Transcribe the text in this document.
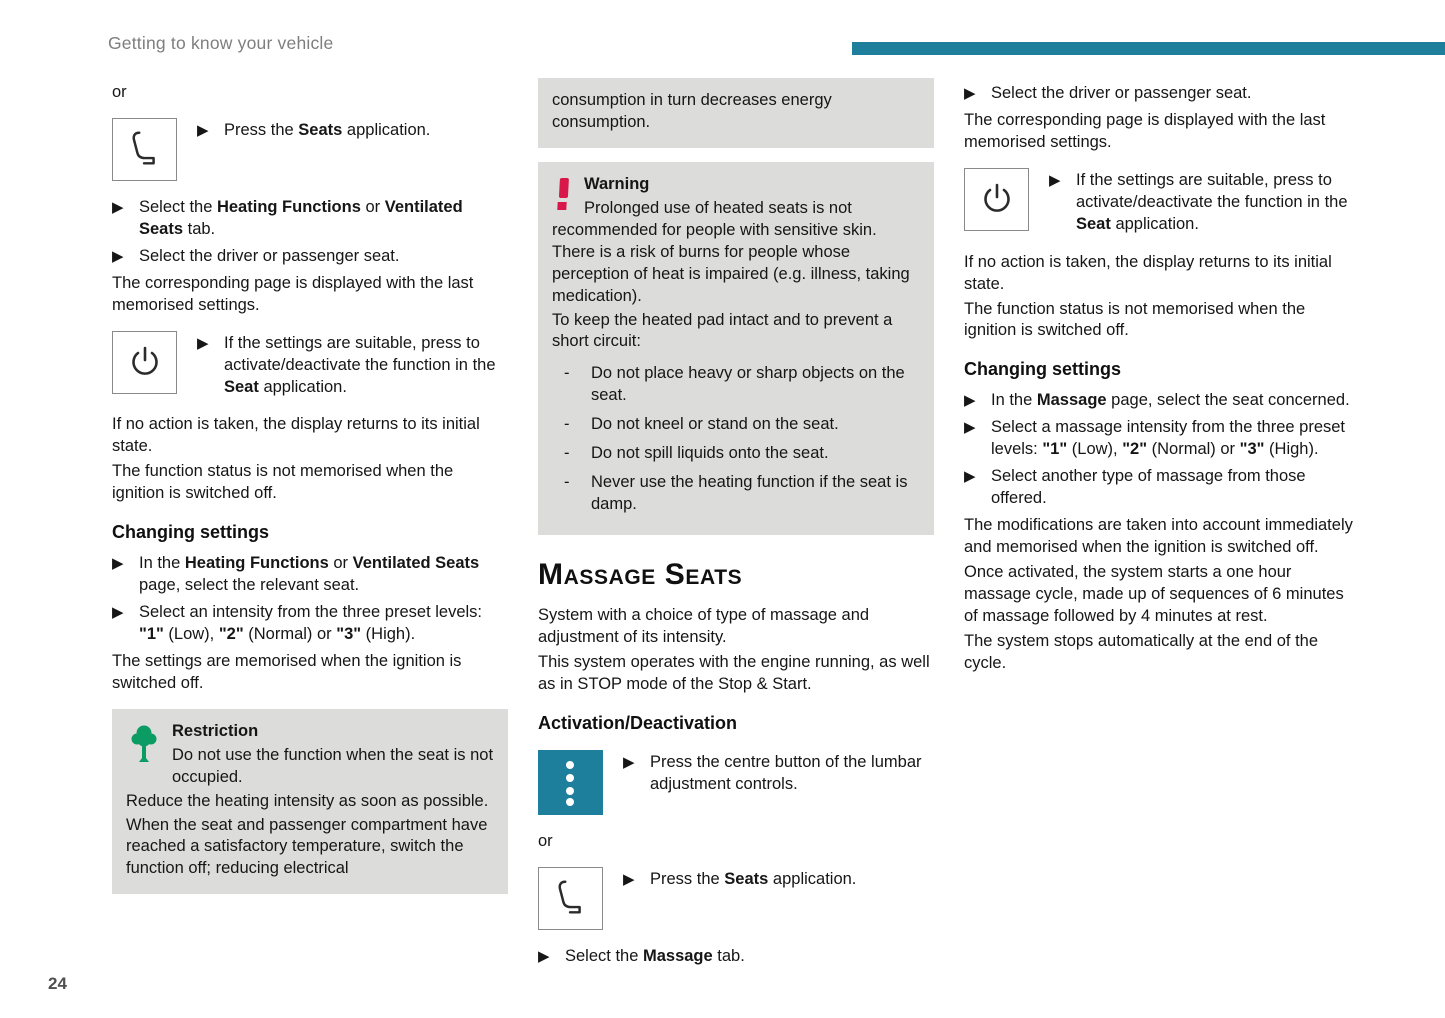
Getting to know your vehicle

or

▶ Press the Seats application.
▶ Select the Heating Functions or Ventilated Seats tab.
▶ Select the driver or passenger seat.

The corresponding page is displayed with the last memorised settings.

▶ If the settings are suitable, press to activate/deactivate the function in the Seat application.

If no action is taken, the display returns to its initial state.

The function status is not memorised when the ignition is switched off.

Changing settings
▶ In the Heating Functions or Ventilated Seats page, select the relevant seat.
▶ Select an intensity from the three preset levels: "1" (Low), "2" (Normal) or "3" (High).

The settings are memorised when the ignition is switched off.

Restriction

Do not use the function when the seat is not occupied.

Reduce the heating intensity as soon as possible.

When the seat and passenger compartment have reached a satisfactory temperature, switch the function off; reducing electrical

consumption in turn decreases energy consumption.

Warning

Prolonged use of heated seats is not recommended for people with sensitive skin. There is a risk of burns for people whose perception of heat is impaired (e.g. illness, taking medication).

To keep the heated pad intact and to prevent a short circuit:

-	Do not place heavy or sharp objects on the seat.
-	Do not kneel or stand on the seat.
-	Do not spill liquids onto the seat.
-	Never use the heating function if the seat is damp.
Massage Seats

System with a choice of type of massage and adjustment of its intensity.

This system operates with the engine running, as well as in STOP mode of the Stop & Start.

Activation/Deactivation
▶ Press the centre button of the lumbar adjustment controls.

or

▶ Press the Seats application.
▶ Select the Massage tab.
▶ Select the driver or passenger seat.

The corresponding page is displayed with the last memorised settings.

▶ If the settings are suitable, press to activate/deactivate the function in the Seat application.

If no action is taken, the display returns to its initial state.

The function status is not memorised when the ignition is switched off.

Changing settings
▶ In the Massage page, select the seat concerned.
▶ Select a massage intensity from the three preset levels: "1" (Low), "2" (Normal) or "3" (High).
▶ Select another type of massage from those offered.

The modifications are taken into account immediately and memorised when the ignition is switched off.

Once activated, the system starts a one hour massage cycle, made up of sequences of 6 minutes of massage followed by 4 minutes at rest.

The system stops automatically at the end of the cycle.

24
